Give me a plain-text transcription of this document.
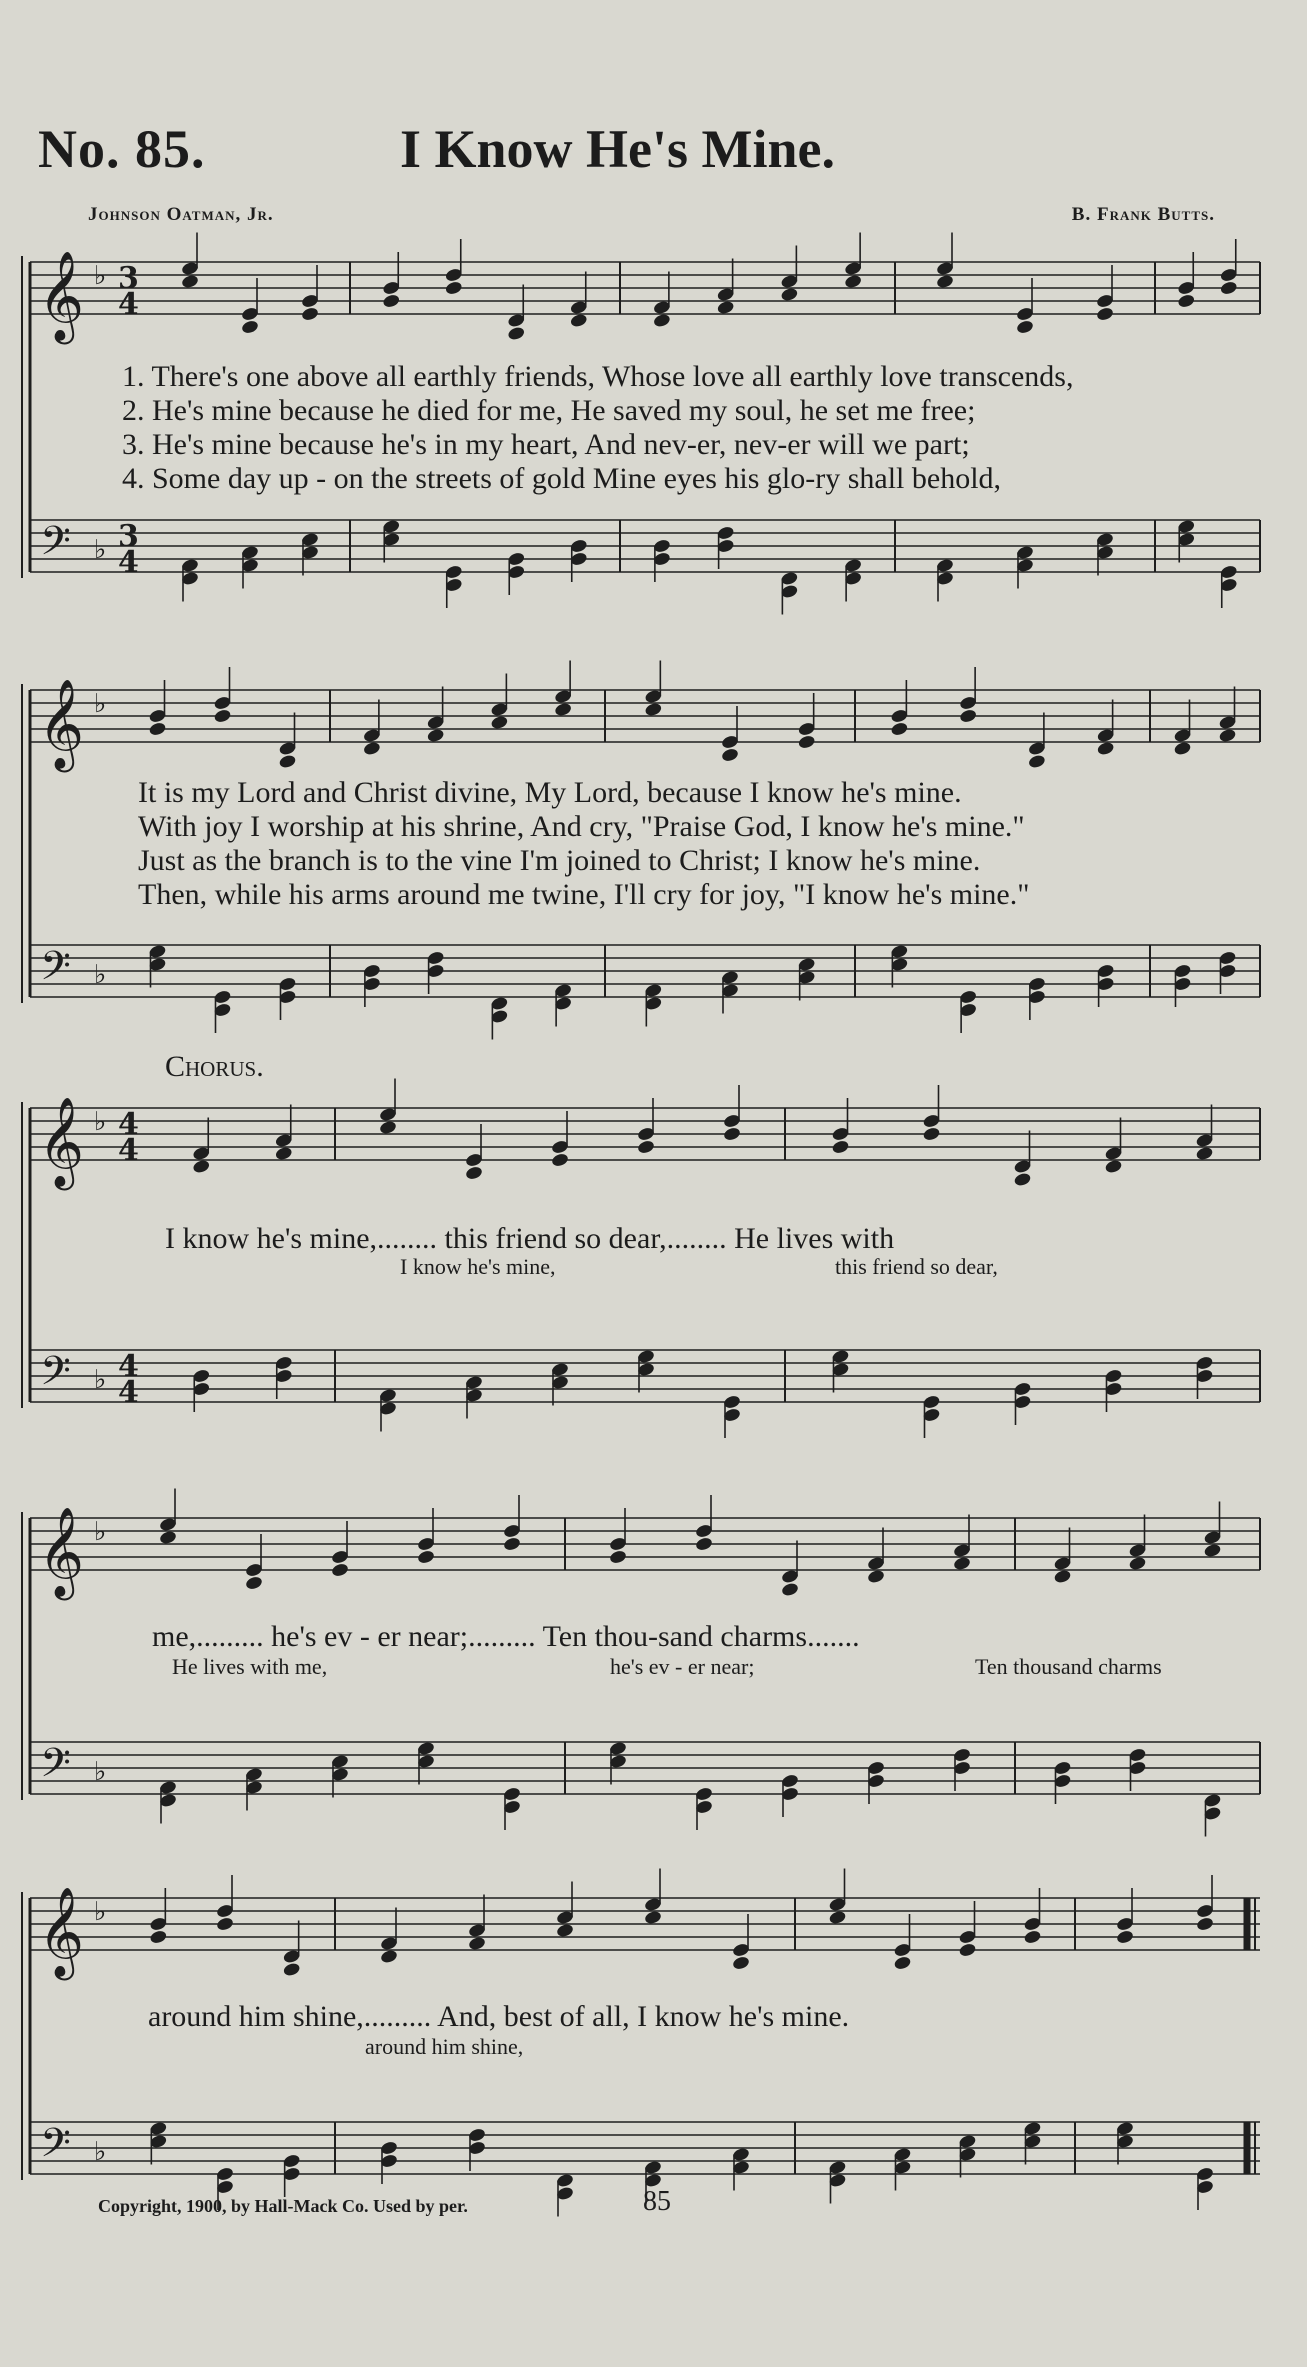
No. 85.	I Know He's Mine.
Johnson Oatman, Jr.	B. Frank Butts.
𝄞
𝄢
♭
♭
3
4
3
4
𝄞
𝄢
♭
♭
𝄞
𝄢
♭
♭
4
4
4
4
𝄞
𝄢
♭
♭
𝄞
𝄢
♭
♭
1. There's one above all earthly friends, Whose love all earthly love transcends,
2. He's mine because he died for me, He saved my soul, he set me free;
3. He's mine because he's in my heart, And nev-er, nev-er will we part;
4. Some day up - on the streets of gold Mine eyes his glo-ry shall behold,
It is my Lord and Christ divine, My Lord, because I know he's mine.
With joy I worship at his shrine, And cry, "Praise God, I know he's mine."
Just as the branch is to the vine I'm joined to Christ; I know he's mine.
Then, while his arms around me twine, I'll cry for joy, "I know he's mine."
Chorus.
I know he's mine,........ this friend so dear,........ He lives with
I know he's mine,	this friend so dear,
me,......... he's ev - er near;......... Ten thou-sand charms.......
He lives with me,	he's ev - er near;	Ten thousand charms
around him shine,......... And, best of all, I know he's mine.
around him shine,
Copyright, 1900, by Hall-Mack Co. Used by per.	85
